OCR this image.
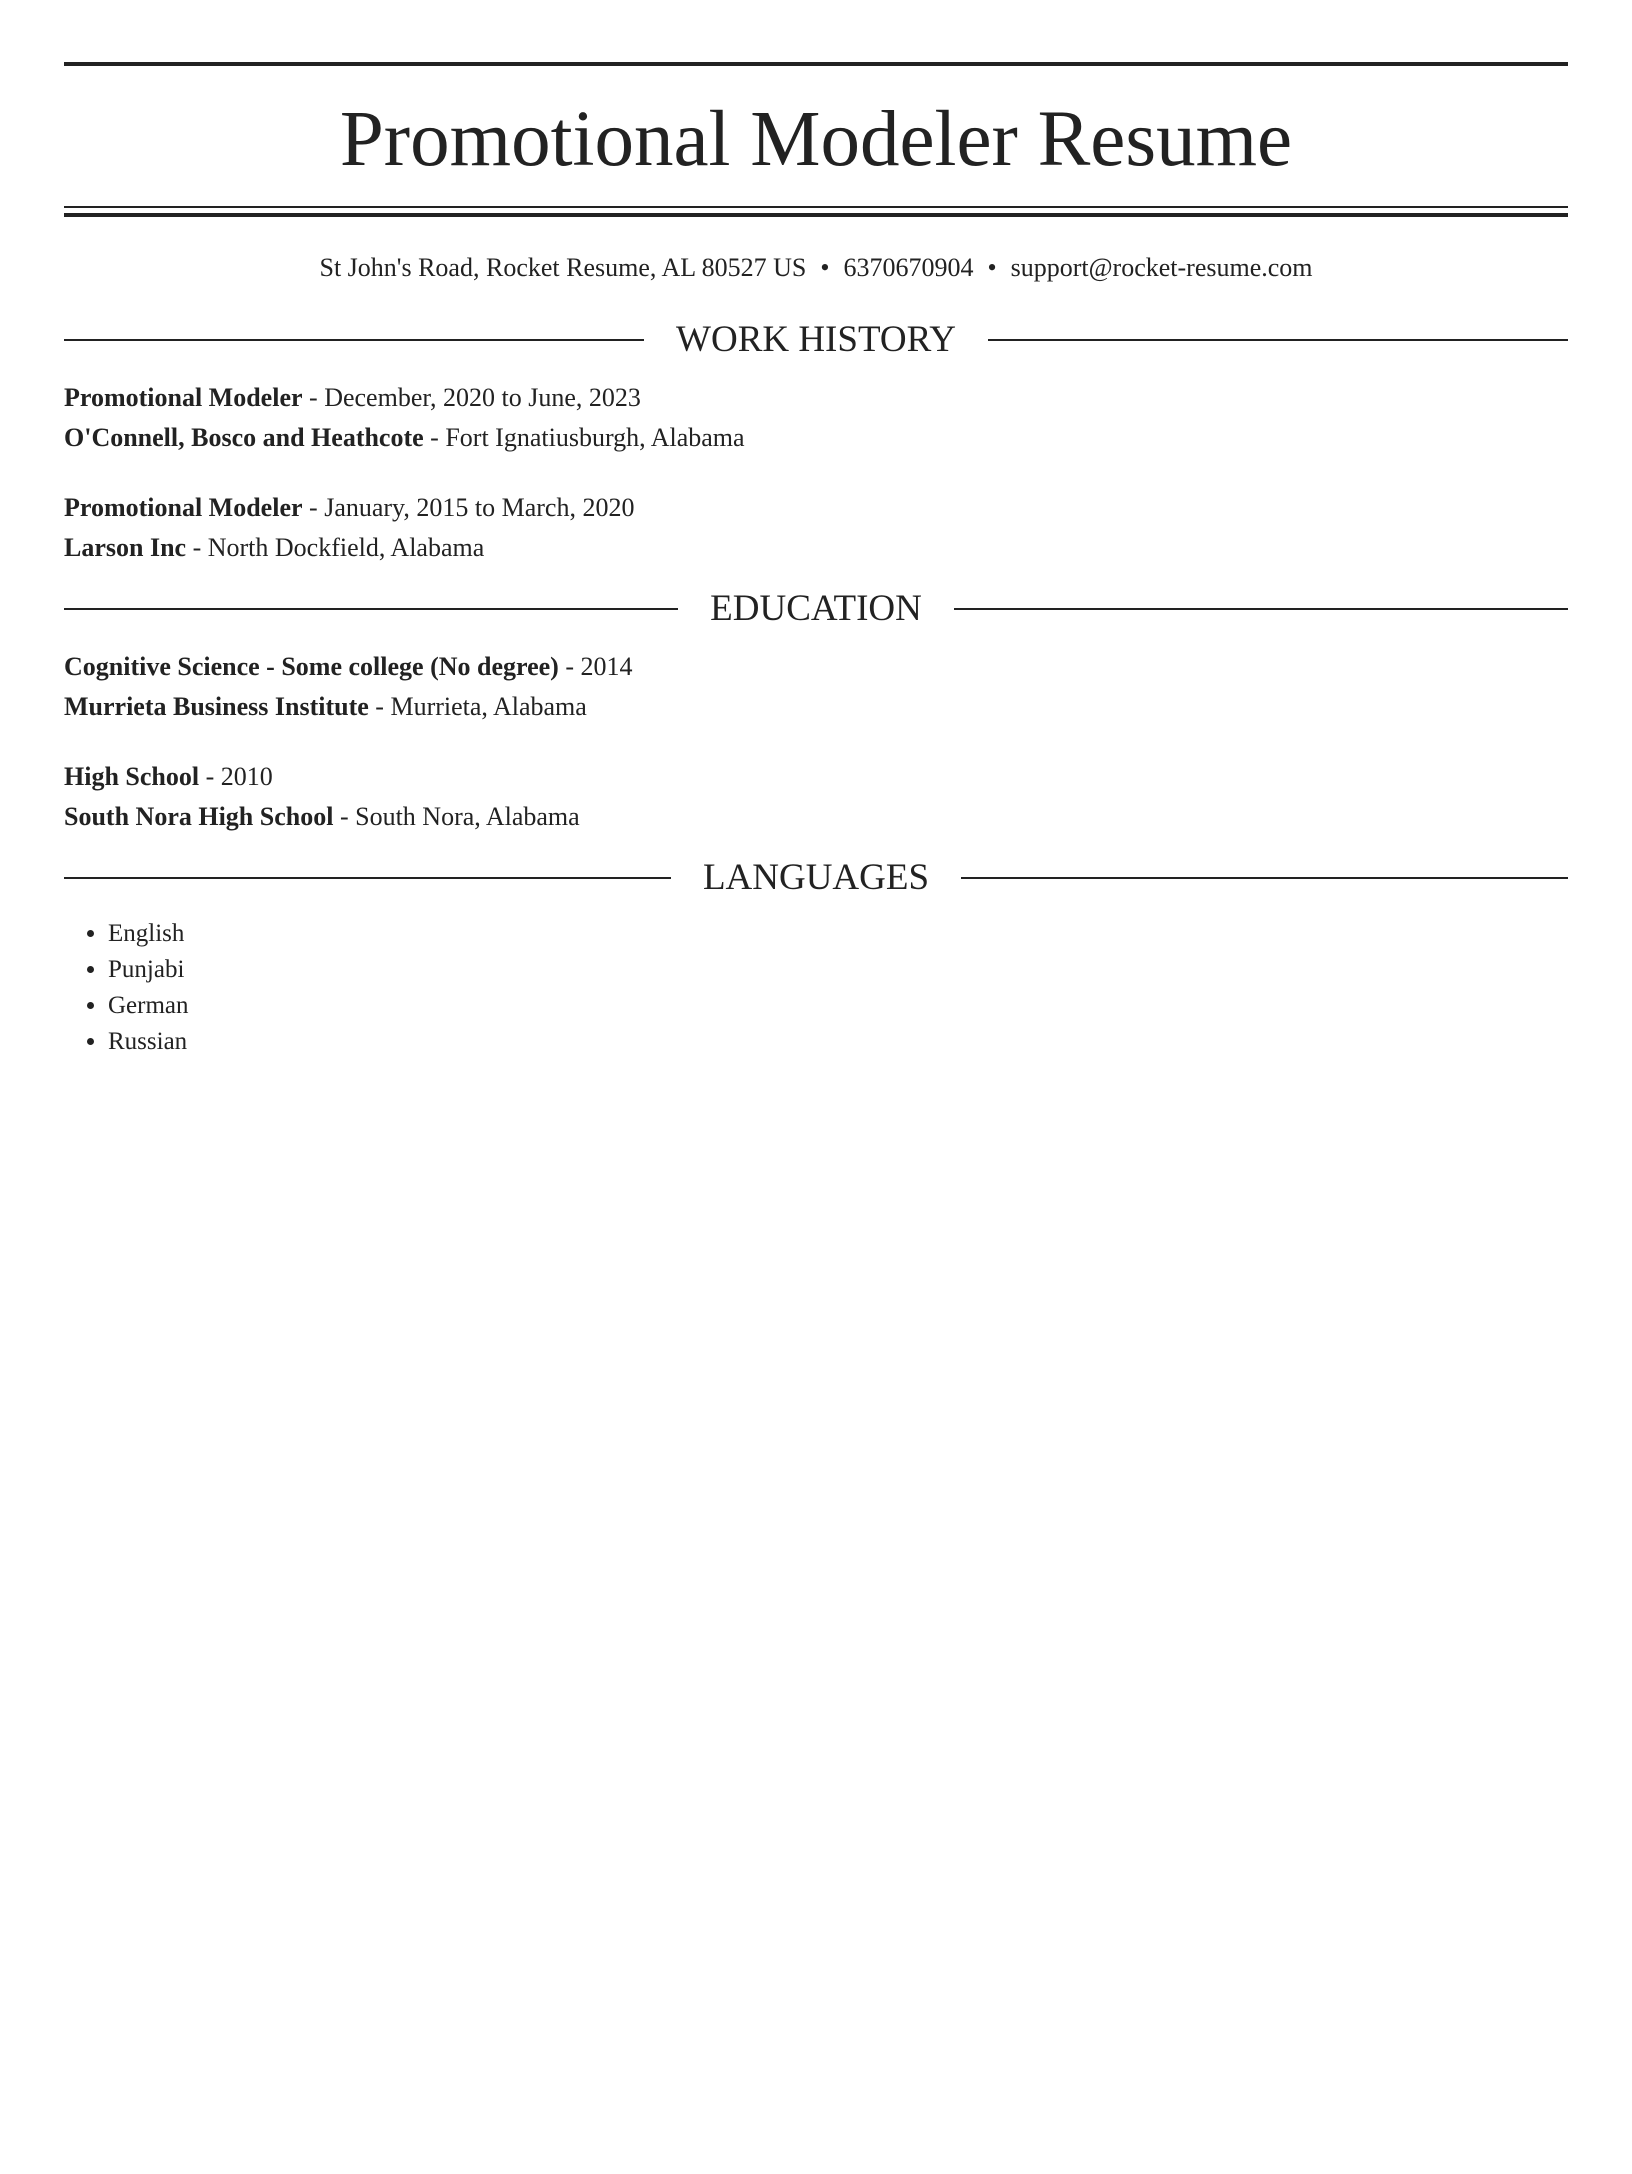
Promotional Modeler Resume
St John's Road, Rocket Resume, AL 80527 US • 6370670904 • support@rocket-resume.com
WORK HISTORY
Promotional Modeler - December, 2020 to June, 2023
O'Connell, Bosco and Heathcote - Fort Ignatiusburgh, Alabama
Promotional Modeler - January, 2015 to March, 2020
Larson Inc - North Dockfield, Alabama
EDUCATION
Cognitive Science - Some college (No degree) - 2014
Murrieta Business Institute - Murrieta, Alabama
High School - 2010
South Nora High School - South Nora, Alabama
LANGUAGES
• English
• Punjabi
• German
• Russian
